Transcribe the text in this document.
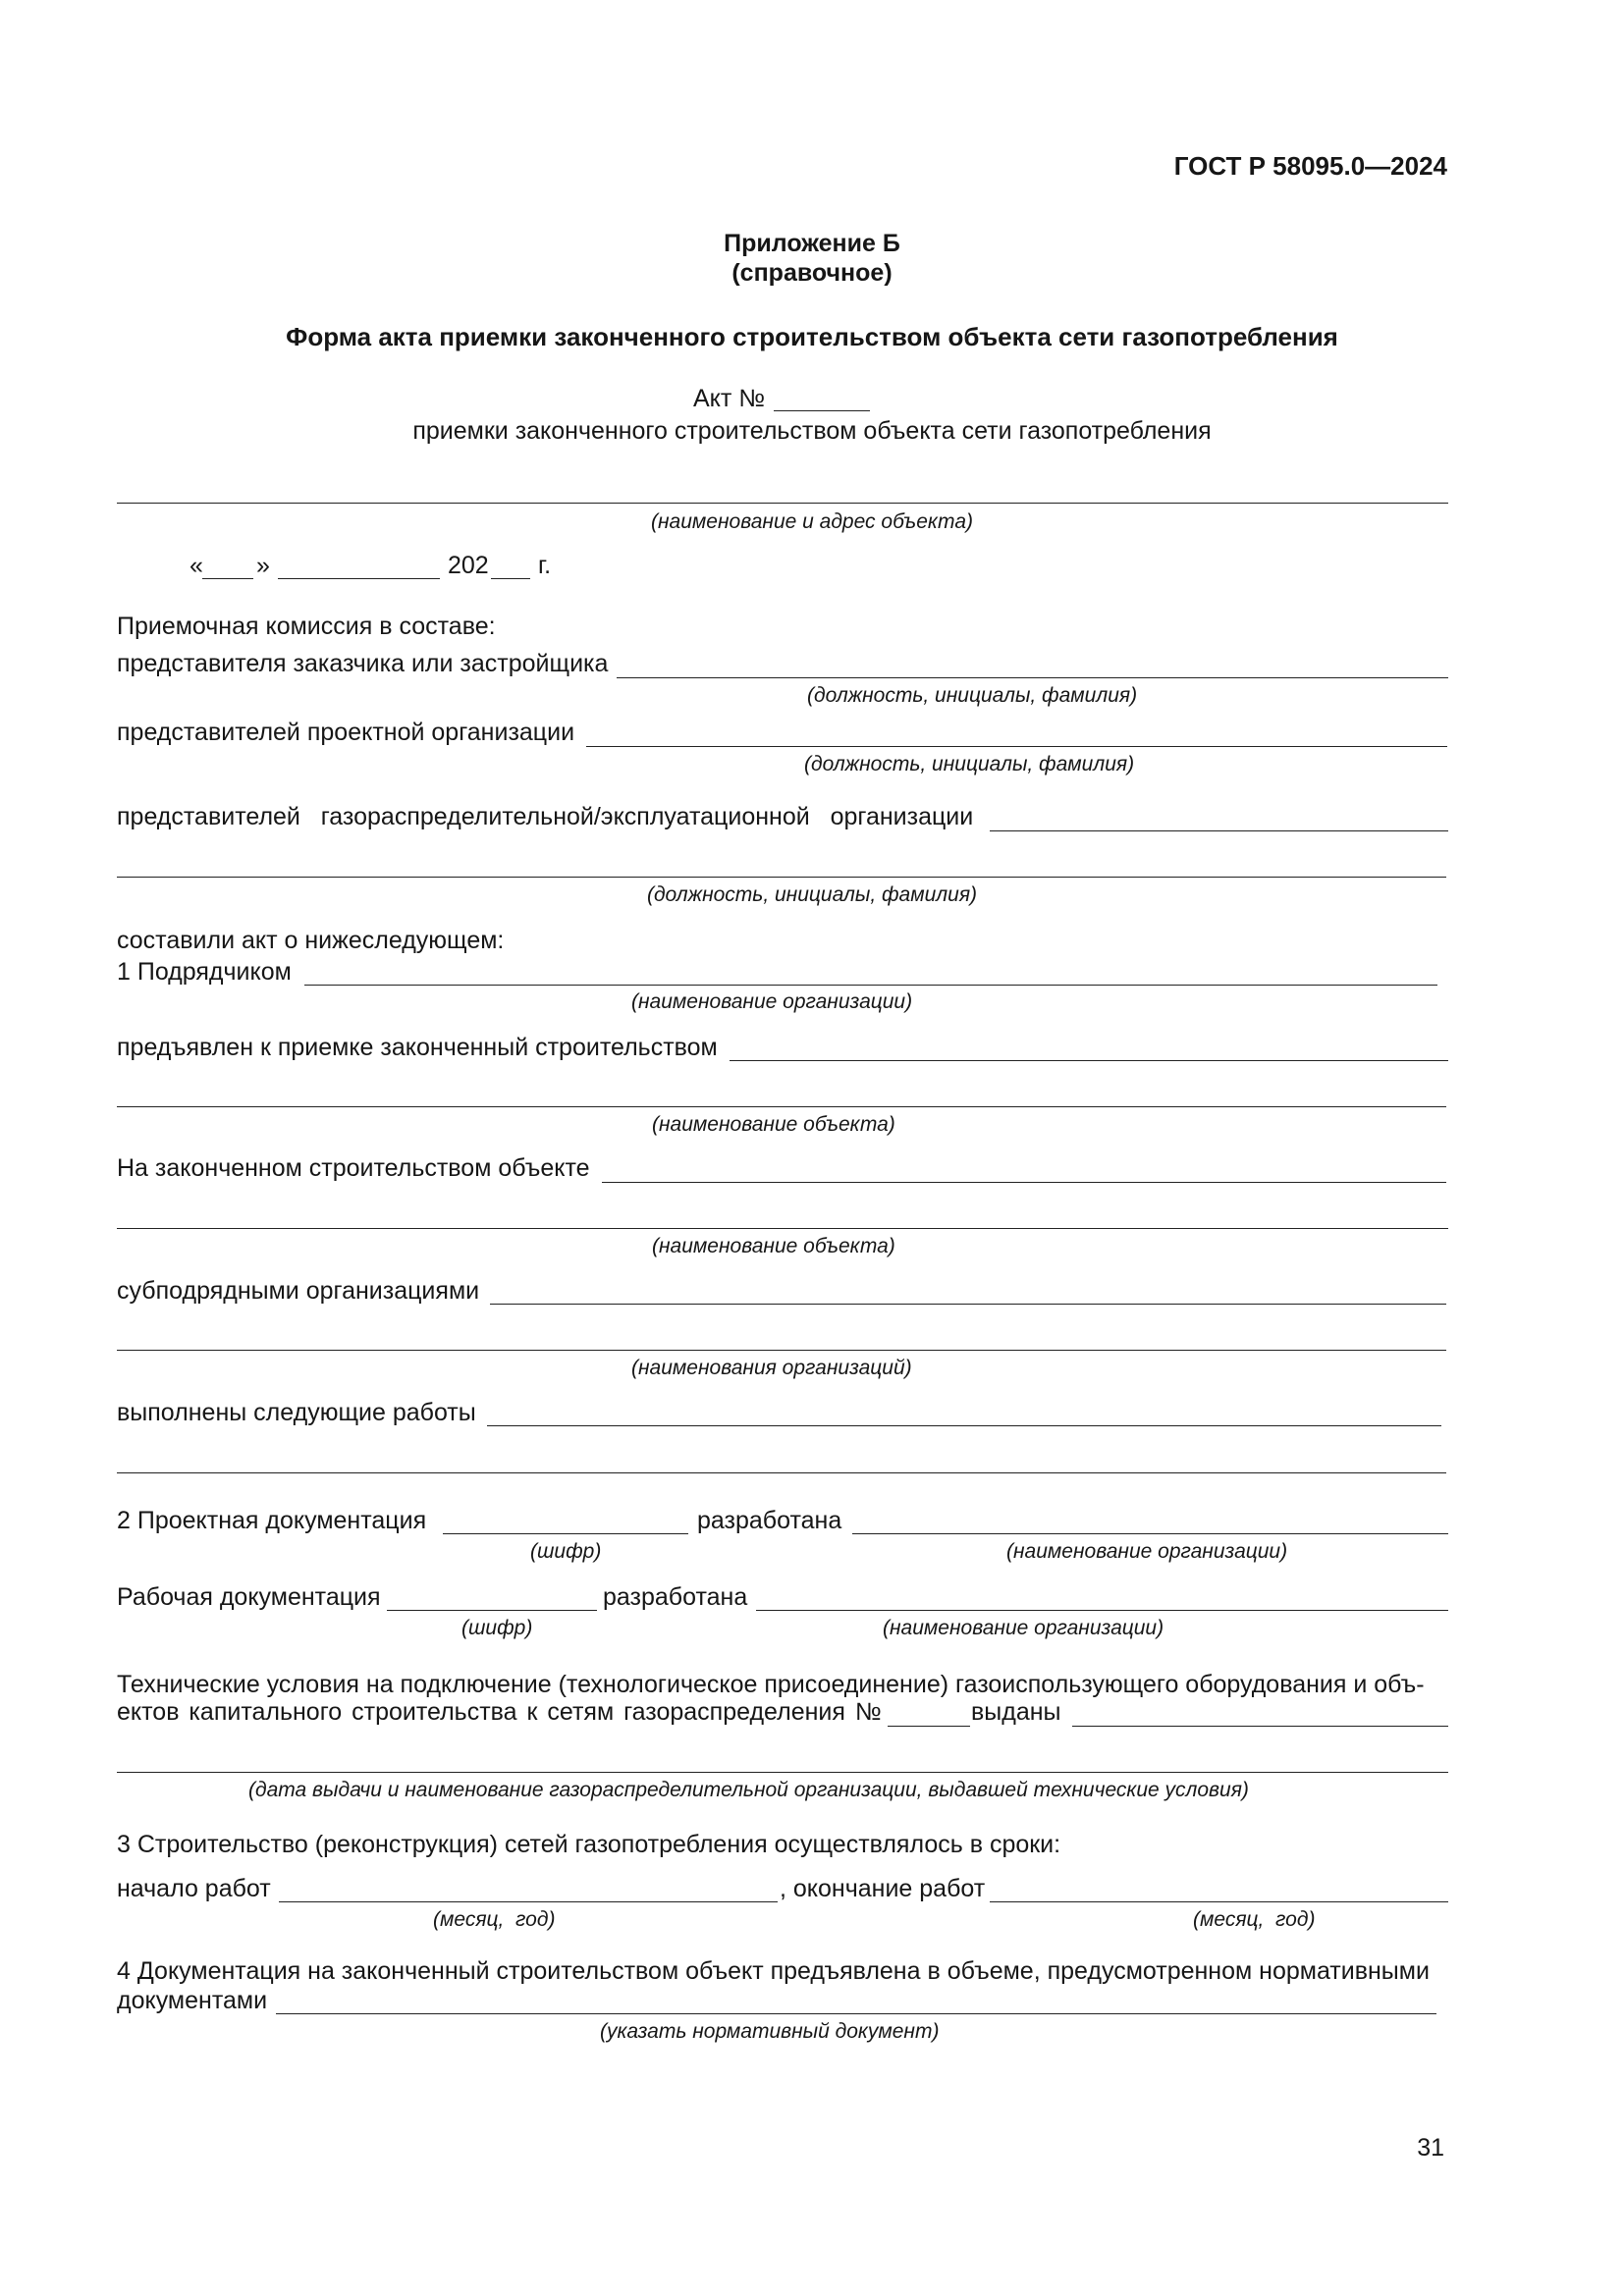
ГОСТ Р 58095.0—2024
Приложение Б
(справочное)
Форма акта приемки законченного строительством объекта сети газопотребления
Акт №
приемки законченного строительством объекта сети газопотребления
(наименование и адрес объекта)
« »	202 г.
Приемочная комиссия в составе:
представителя заказчика или застройщика
(должность, инициалы, фамилия)
представителей проектной организации
(должность, инициалы, фамилия)
представителей   газораспределительной/эксплуатационной   организации
(должность, инициалы, фамилия)
составили акт о нижеследующем:
1 Подрядчиком
(наименование организации)
предъявлен к приемке законченный строительством
(наименование объекта)
На законченном строительством объекте
(наименование объекта)
субподрядными организациями
(наименования организаций)
выполнены следующие работы
2 Проектная документация	разработана
(шифр)	(наименование организации)
Рабочая документация	разработана
(шифр)	(наименование организации)
Технические условия на подключение (технологическое присоединение) газоиспользующего оборудования и объ-
ектов капитального строительства к сетям газораспределения №	выданы
(дата выдачи и наименование газораспределительной организации, выдавшей технические условия)
3 Строительство (реконструкция) сетей газопотребления осуществлялось в сроки:
начало работ	, окончание работ
(месяц,  год)	(месяц,  год)
4 Документация на законченный строительством объект предъявлена в объеме, предусмотренном нормативными
документами
(указать нормативный документ)
31
